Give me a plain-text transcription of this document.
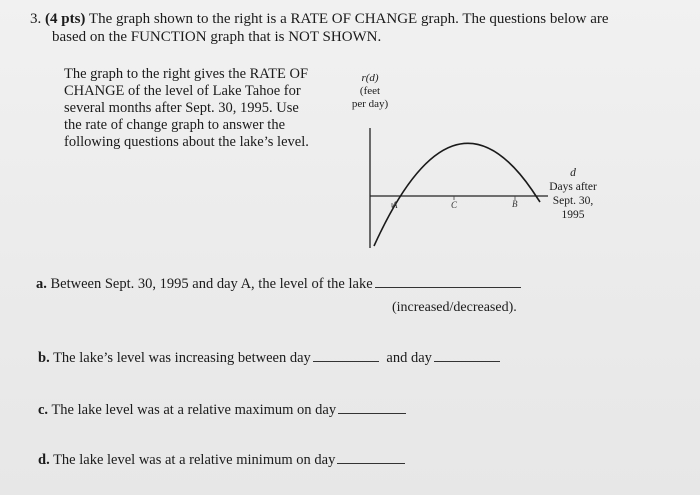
3. (4 pts) The graph shown to the right is a RATE OF CHANGE graph. The questions below are
based on the FUNCTION graph that is NOT SHOWN.
The graph to the right gives the RATE OF
CHANGE of the level of Lake Tahoe for
several months after Sept. 30, 1995. Use
the rate of change graph to answer the
following questions about the lake’s level.
r(d)
(feet
per day)
A	C	B
d
Days after
Sept. 30,
1995
a. Between Sept. 30, 1995 and day A, the level of the lake
(increased/decreased).
b. The lake’s level was increasing between day	and day
c. The lake level was at a relative maximum on day
d. The lake level was at a relative minimum on day
